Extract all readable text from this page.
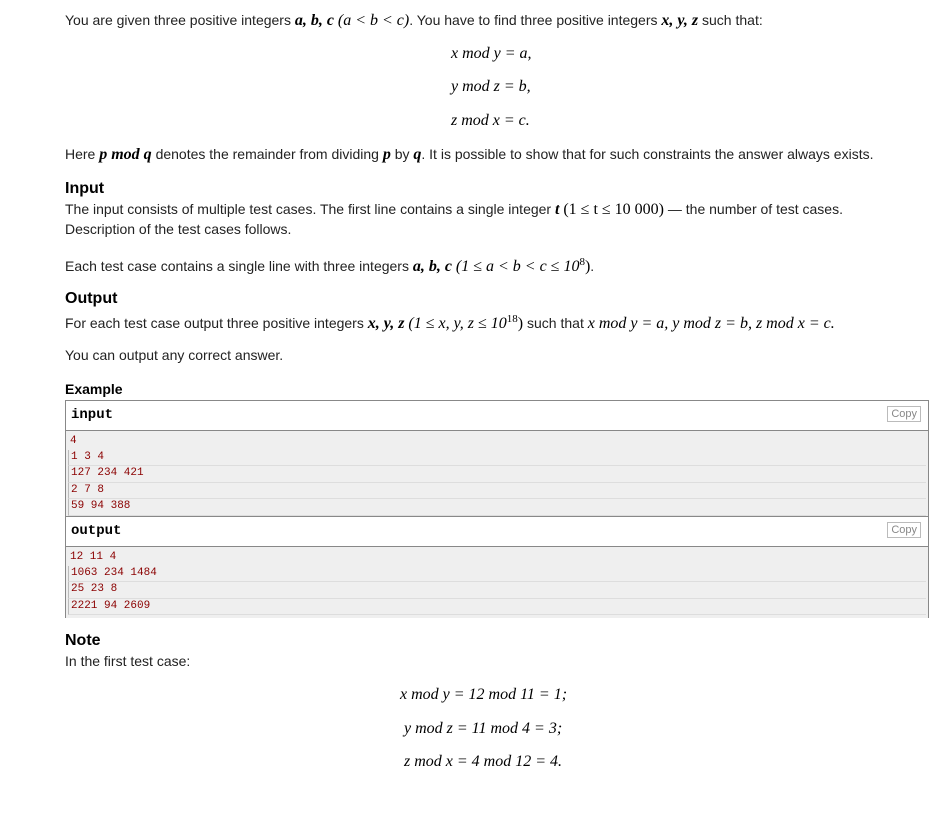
You are given three positive integers a, b, c (a < b < c). You have to find three positive integers x, y, z such that:
x mod y = a,
y mod z = b,
z mod x = c.
Here p mod q denotes the remainder from dividing p by q. It is possible to show that for such constraints the answer always exists.
Input
The input consists of multiple test cases. The first line contains a single integer t (1 ≤ t ≤ 10 000) — the number of test cases.
Description of the test cases follows.
Each test case contains a single line with three integers a, b, c $(1 \le a < b < c \le 10^8)$.
Output
For each test case output three positive integers x, y, z (1 ≤ x, y, $z \le 10^{18}$) such that x mod y = a, y mod z = b, z mod x = c.
You can output any correct answer.
Example
input	Copy
4
1 3 4
127 234 421
2 7 8
59 94 388
output	Copy
12 11 4
1063 234 1484
25 23 8
2221 94 2609
Note
In the first test case:
x mod y = 12 mod 11 = 1;
y mod z = 11 mod 4 = 3;
z mod x = 4 mod 12 = 4.
